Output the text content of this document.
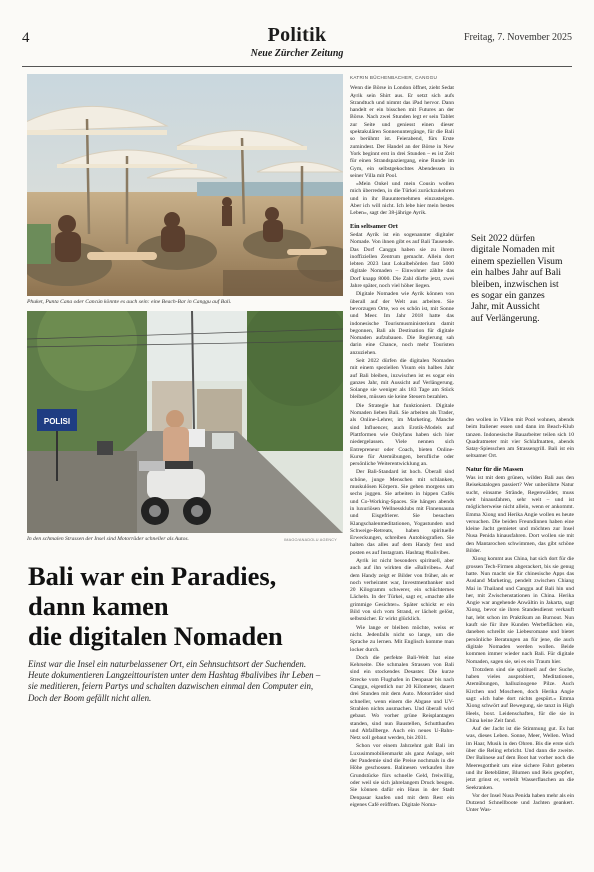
4	Politik
Neue Zürcher Zeitung
Freitag, 7. November 2025
Phuket, Punta Cana oder Cancún könnte es auch sein: eine Beach-Bar in Canggu auf Bali.
POLISI
In den schmalen Strassen der Insel sind Motorräder schneller als Autos.	IMAGO/ANADOLU AGENCY
Bali war ein Paradies,
dann kamen
die digitalen Nomaden
Einst war die Insel ein naturbelassener Ort, ein Sehnsuchtsort der Suchenden.
Heute dokumentieren Langzeittouristen unter dem Hashtag #balivibes ihr Leben –
sie meditieren, feiern Partys und schalten dazwischen einmal den Computer ein,
Doch der Boom gefällt nicht allen.
KATRIN BÜCHENBACHER, CANGGU

Wenn die Börse in London öffnet, zieht Sedat Ayrik sein Shirt aus. Er setzt sich aufs Strandtuch und nimmt das iPad hervor. Dann handelt er ein bisschen mit Futures an der Börse. Nach zwei Stunden legt er sein Tablet zur Seite und geniesst einen dieser spektakulären Sonnenuntergänge, für die Bali so berühmt ist. Feierabend, fürs Erste zumindest. Der Handel an der Börse in New York beginnt erst in drei Stunden – es ist Zeit für einen Strandspaziergang, eine Runde im Gym, ein selbstgekochtes Abendessen in seiner Villa mit Pool.

«Mein Onkel und mein Cousin wollen mich überreden, in die Türkei zurückzukehren und in ihr Bauunternehmen einzusteigen. Aber ich will nicht. Ich lebe hier mein bestes Leben», sagt der 38-jährige Ayrik.

Ein seltsamer Ort

Sedat Ayrik ist ein sogenannter digitaler Nomade. Von ihnen gibt es auf Bali Tausende. Das Dorf Canggu haben sie zu ihrem inoffiziellen Zentrum gemacht. Allein dort lebten 2023 laut Lokalbehörden fast 5000 digitale Nomaden – Einwohner zählte das Dorf knapp 8000. Die Zahl dürfte jetzt, zwei Jahre später, noch viel höher liegen.

Digitale Nomaden wie Ayrik können von überall auf der Welt aus arbeiten. Sie bevorzugen Orte, wo es schön ist, mit Sonne und Meer. Im Jahr 2018 hatte das indonesische Tourismusministerium damit begonnen, Bali als Destination für digitale Nomaden aufzubauen. Die Regierung sah darin eine Chance, noch mehr Touristen anzuziehen.

Seit 2022 dürfen die digitalen Nomaden mit einem speziellen Visum ein halbes Jahr auf Bali bleiben, inzwischen ist es sogar ein ganzes Jahr, mit Aussicht auf Verlängerung. Solange sie weniger als 183 Tage am Stück bleiben, müssen sie keine Steuern bezahlen.

Die Strategie hat funktioniert. Digitale Nomaden lieben Bali. Sie arbeiten als Trader, als Online-Lehrer, im Marketing. Manche sind Influencer, auch Erotik-Models auf Plattformen wie Onlyfans haben sich hier niedergelassen. Viele nennen sich Entrepreneur oder Coach, bieten Online-Kurse für Atemübungen, berufliche oder persönliche Weiterentwicklung an.

Der Bali-Standard ist hoch. Überall sind schöne, junge Menschen mit schlanken, muskulösen Körpern. Sie gehen morgens um sechs joggen. Sie arbeiten in hippen Cafés und Co-Working-Spaces. Sie hängen abends in luxuriösen Wellnessklubs mit Finnensauna und Eisgefrierer. Sie besuchen Klangschalenmeditationen, Yogastunden und Schweige-Retreats, haben spirituelle Erweckungen, schreiben Autobiografien. Sie halten das alles auf dem Handy fest und posten es auf Instagram. Hashtag #balivibes.

Ayrik ist nicht besonders spirituell, aber auch auf ihn wirkten die «Balivibes». Auf dem Handy zeigt er Bilder von früher, als er noch verheiratet war, Investmentbanker und 20 Kilogramm schwerer, ein schüchternes Lächeln. In der Türkei, sagt er, «machte alle grimmige Gesichter». Später schickt er ein Bild von sich vom Strand, er lächelt gelöst, selbstsicher. Er wirkt glücklich.

Wie lange er bleiben möchte, weiss er nicht. Jedenfalls nicht so lange, um die Sprache zu lernen. Mit Englisch komme man locker durch.

Doch die perfekte Bali-Welt hat eine Kehrseite. Die schmalen Strassen von Bali sind ein stockendes Desaster. Die kurze Strecke vom Flughafen in Denpasar bis nach Canggu, eigentlich nur 20 Kilometer, dauert drei Stunden mit dem Auto. Motorräder sind schneller, wenn einem die Abgase und UV-Strahlen nichts ausmachen. Und überall wird gebaut. Wo vorher grüne Reisplantagen standen, sind nun Baustellen, Schutthaufen und Abfallberge. Auch ein neues U-Bahn-Netz soll gebaut werden, bis 2031.

Schon vor einem Jahrzehnt galt Bali im Luxusimmobilienmarkt als ganz Anlage, seit der Pandemie sind die Preise nochmals in die Höhe geschossen. Balinesen verkaufen ihre Grundstücke fürs schnelle Geld, freiwillig, oder weil sie sich jahrelangem Druck beugen. Sie können dafür ein Haus in der Stadt Denpasar kaufen und mit dem Rest ein eigenes Café eröffnen. Digitale Noma-

Seit 2022 dürfen
digitale Nomaden mit
einem speziellen Visum
ein halbes Jahr auf Bali
bleiben, inzwischen ist
es sogar ein ganzes
Jahr, mit Aussicht
auf Verlängerung.

den wollen in Villen mit Pool wohnen, abends beim Italiener essen und dann im Beach-Klub tanzen. Indonesische Bauarbeiter teilen sich 10 Quadratmeter mit vier Schlafmatten, abends Satay-Spiesschen am Strassengrill. Bali ist ein seltsamer Ort.

Natur für die Massen

Was ist mit dem grünen, wilden Bali aus den Reisekatalogen passiert? Wer unberührte Natur sucht, einsame Strände, Regenwälder, muss weit hinausfahren, sehr weit – und ist möglicherweise nicht allein, wenn er ankommt. Emma Xiong und Herika Angie wollen es heute versuchen. Die beiden Freundinnen haben eine kleine Jacht gemietet und möchten zur Insel Nusa Penida hinausfahren. Dort wollen sie mit den Mantarochen schwimmen, das gibt schöne Bilder.

Xiong kommt aus China, hat sich dort für die grossen Tech-Firmen abgerackert, bis sie genug hatte. Nun macht sie für chinesische Apps das Ausland Marketing, pendelt zwischen Chiang Mai in Thailand und Canggu auf Bali hin und her, mit Zwischenstationen in China. Herika Angie war angehende Anwältin in Jakarta, sagt Xiong, bevor sie ihren Standesdienst verkauft hat, lebt schon im Praktikum an Burnout. Nun kauft sie für ihre Kunden Werbeflächen ein, daneben schreibt sie Liebesromane und bietet persönliche Beratungen an für jene, die auch digitale Nomaden werden wollen. Beide kommen immer wieder nach Bali. Für digitale Nomaden, sagen sie, sei es ein Traum hier.

Trotzdem sind sie spirituell auf der Suche, haben vieles ausprobiert, Meditationen, Atemübungen, halluzinogene Pilze. Auch Kirchen und Moscheen, doch Herika Angie sagt: «Ich habe dort nichts gespürt.» Emma Xiong schwört auf Bewegung, sie tanzt in High Heels, boxt. Leidenschaften, für die sie in China keine Zeit fand.

Auf der Jacht ist die Stimmung gut. Es hat was, dieses Leben. Sonne, Meer, Wellen. Wind im Haar, Musik in den Ohren. Bis die erste sich über die Reling erbricht. Und dann die zweite. Der Balinese auf dem Boot hat vorher noch die Meeresgottheit um eine sichere Fahrt gebeten und ihr Beteblätter, Blumen und Reis geopfert, jetzt grinst er, verteilt Wasserflaschen an die Seekranken.

Vor der Insel Nusa Penida haben mehr als ein Dutzend Schnellboote und Jachten geankert. Unter Was-
